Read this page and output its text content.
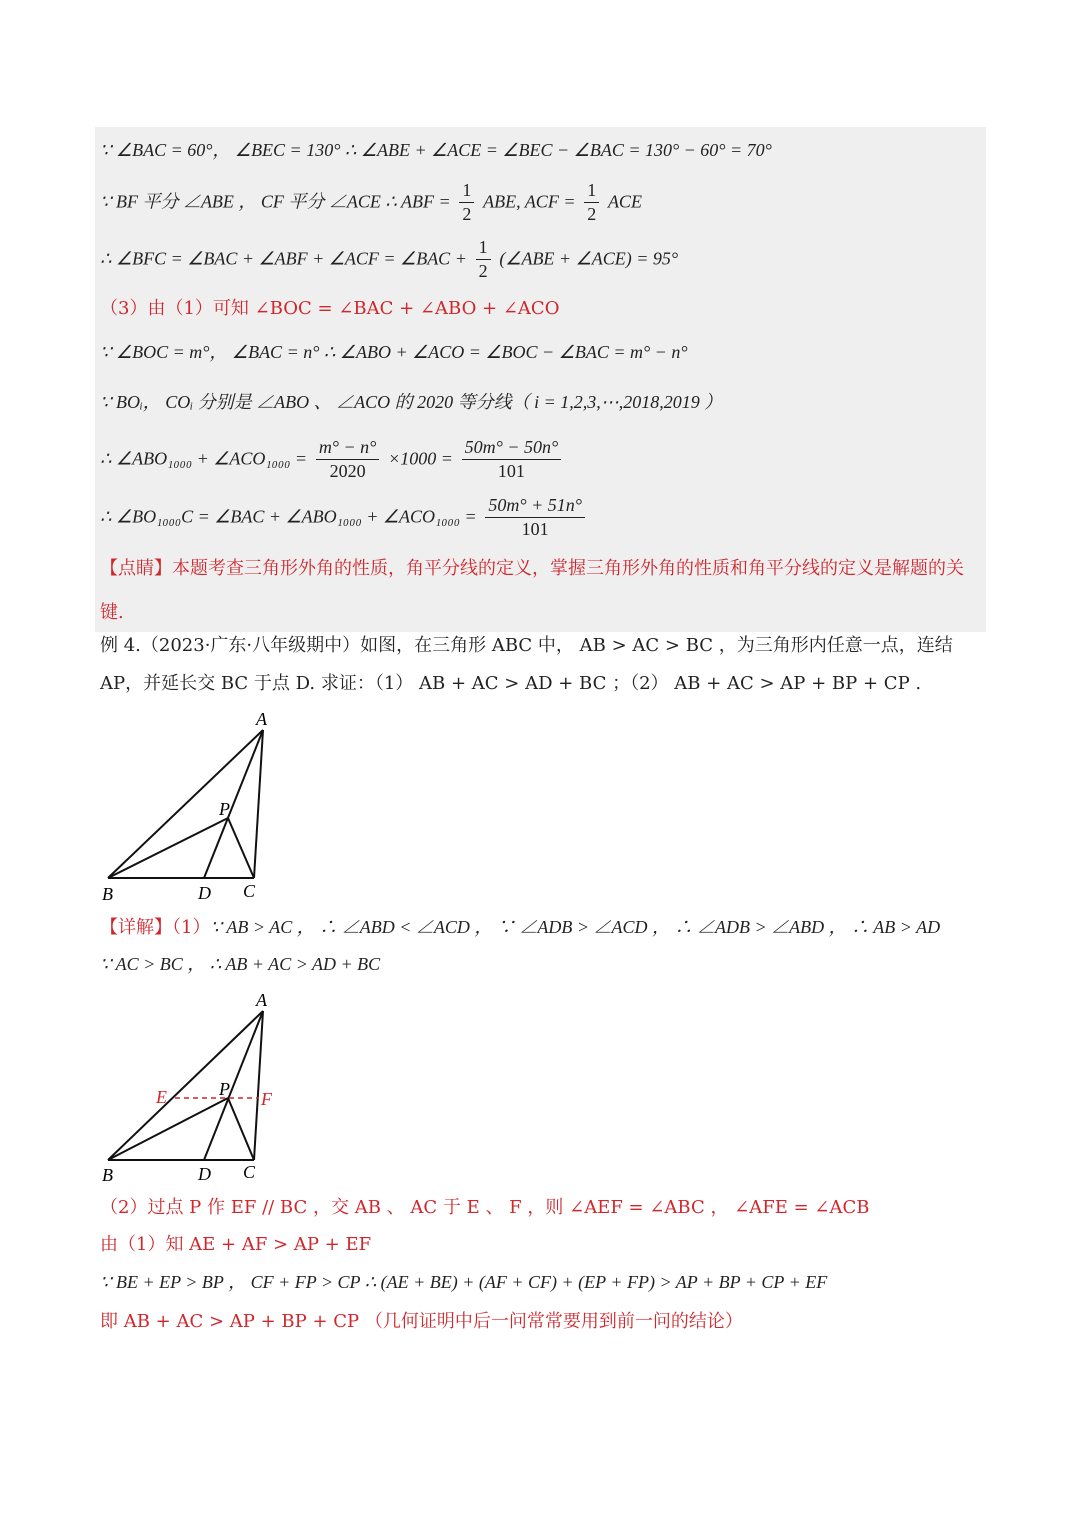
∵ ∠BAC = 60°， ∠BEC = 130° ∴ ∠ABE + ∠ACE = ∠BEC − ∠BAC = 130° − 60° = 70°
∵ BF 平分 ∠ABE ， CF 平分 ∠ACE ∴ ABF = $\frac{1}{2}$ ABE, ACF = $\frac{1}{2}$ ACE
∴ ∠BFC = ∠BAC + ∠ABF + ∠ACF = ∠BAC + $\frac{1}{2}$ (∠ABE + ∠ACE) = 95°
（3）由（1）可知 ∠BOC = ∠BAC + ∠ABO + ∠ACO
∵ ∠BOC = m°， ∠BAC = n° ∴ ∠ABO + ∠ACO = ∠BOC − ∠BAC = m° − n°
∵ BOᵢ， COᵢ 分别是 ∠ABO 、 ∠ACO 的 2020 等分线（ i = 1,2,3,⋯,2018,2019 ）
∴ ∠ABO₁₀₀₀ + ∠ACO₁₀₀₀ = $\frac{m^\circ - n^\circ}{2020} \times 1000 = \frac{50m^\circ - 50n^\circ}{101}$
∴ ∠BO₁₀₀₀C = ∠BAC + ∠ABO₁₀₀₀ + ∠ACO₁₀₀₀ = $\frac{50m^\circ + 51n^\circ}{101}$
【点睛】本题考查三角形外角的性质，角平分线的定义，掌握三角形外角的性质和角平分线的定义是解题的关键.
例 4.（2023·广东·八年级期中）如图，在三角形 ABC 中， AB > AC > BC ，为三角形内任意一点，连结 AP，并延长交 BC 于点 D. 求证：（1） AB + AC > AD + BC ；（2） AB + AC > AP + BP + CP .
A
B	C
D
P
【详解】（1）∵ AB > AC ， ∴ ∠ABD < ∠ACD ， ∵ ∠ADB > ∠ACD ， ∴ ∠ADB > ∠ABD ， ∴ AB > AD
∵ AC > BC ， ∴ AB + AC > AD + BC
A
B	C
D
P
E	F
（2）过点 P 作 EF // BC ，交 AB 、 AC 于 E 、 F ，则 ∠AEF = ∠ABC ， ∠AFE = ∠ACB
由（1）知 AE + AF > AP + EF
∵ BE + EP > BP ， CF + FP > CP ∴ (AE + BE) + (AF + CF) + (EP + FP) > AP + BP + CP + EF
即 AB + AC > AP + BP + CP （几何证明中后一问常常要用到前一问的结论）
